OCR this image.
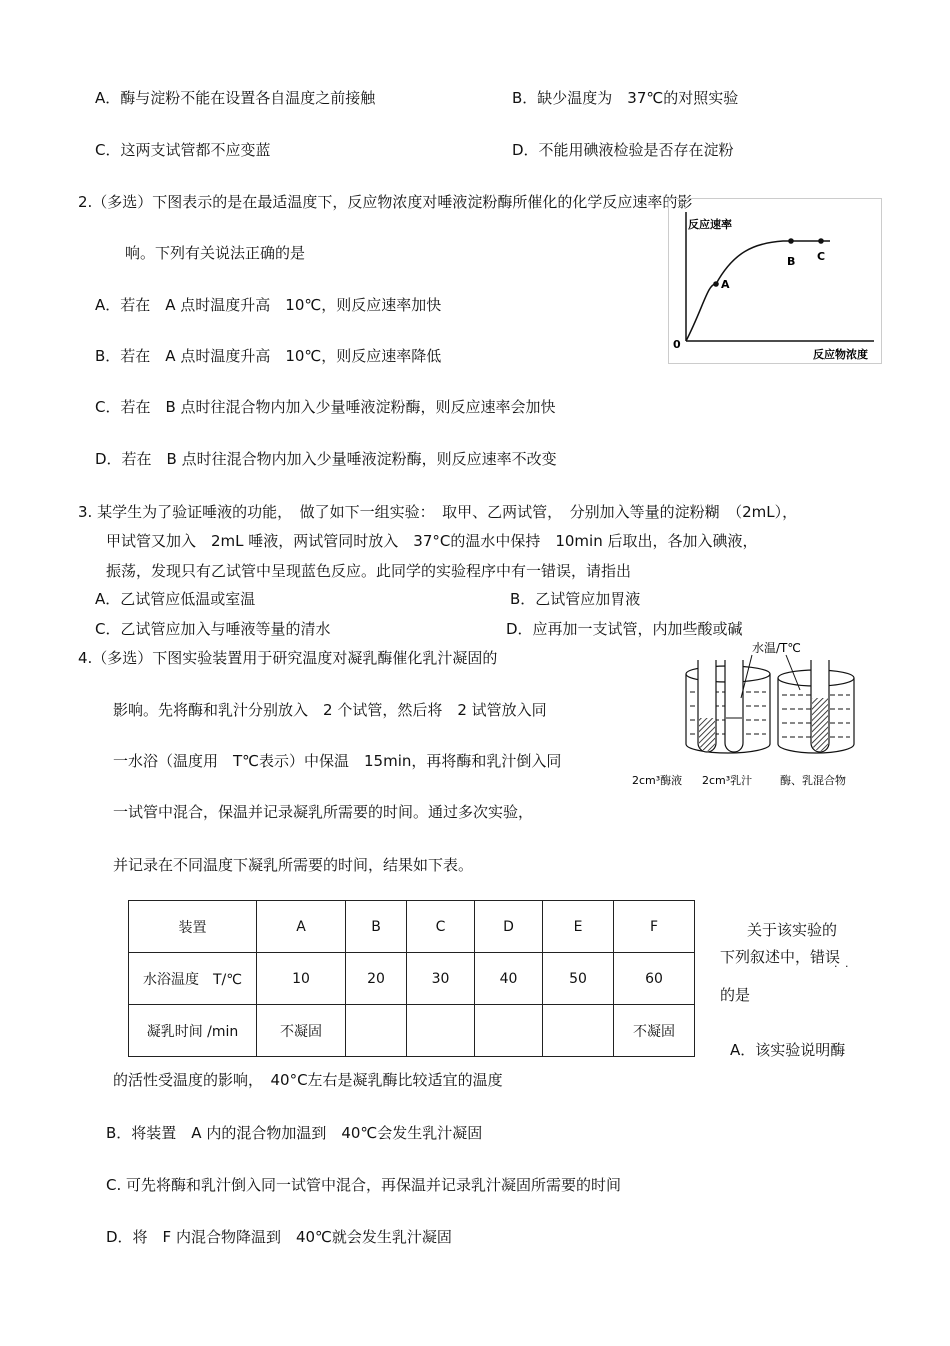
A．酶与淀粉不能在设置各自温度之前接触	B．缺少温度为　37℃的对照实验
C．这两支试管都不应变蓝	D．不能用碘液检验是否存在淀粉
2.（多选）下图表示的是在最适温度下，反应物浓度对唾液淀粉酶所催化的化学反应速率的影
响。下列有关说法正确的是
A．若在　A 点时温度升高　10℃，则反应速率加快
B．若在　A 点时温度升高　10℃，则反应速率降低
C．若在　B 点时往混合物内加入少量唾液淀粉酶，则反应速率会加快
D．若在　B 点时往混合物内加入少量唾液淀粉酶，则反应速率不改变
反应速率
反应物浓度
0
A
B C
3. 某学生为了验证唾液的功能，　做了如下一组实验：　取甲、乙两试管，　分别加入等量的淀粉糊　（2mL），
甲试管又加入　2mL 唾液，两试管同时放入　37°C的温水中保持　10min 后取出，各加入碘液，
振荡，发现只有乙试管中呈现蓝色反应。此同学的实验程序中有一错误，请指出
A．乙试管应低温或室温	B．乙试管应加胃液
C．乙试管应加入与唾液等量的清水	D．应再加一支试管，内加些酸或碱
4.（多选）下图实验装置用于研究温度对凝乳酶催化乳汁凝固的
影响。先将酶和乳汁分别放入　2 个试管，然后将　2 试管放入同
一水浴（温度用　T℃表示）中保温　15min，再将酶和乳汁倒入同
一试管中混合，保温并记录凝乳所需要的时间。通过多次实验，
并记录在不同温度下凝乳所需要的时间，结果如下表。
水温/T℃
2cm³酶液 2cm³乳汁	酶、乳混合物
装置	A	B	C	D	E	F
水浴温度　T/℃	10	20	30	40	50	60
凝乳时间 /min	不凝固					不凝固
关于该实验的
下列叙述中，错误
· ·
的是
A．该实验说明酶
的活性受温度的影响，　40°C左右是凝乳酶比较适宜的温度
B．将装置　A 内的混合物加温到　40℃会发生乳汁凝固
C. 可先将酶和乳汁倒入同一试管中混合，再保温并记录乳汁凝固所需要的时间
D．将　F 内混合物降温到　40℃就会发生乳汁凝固
